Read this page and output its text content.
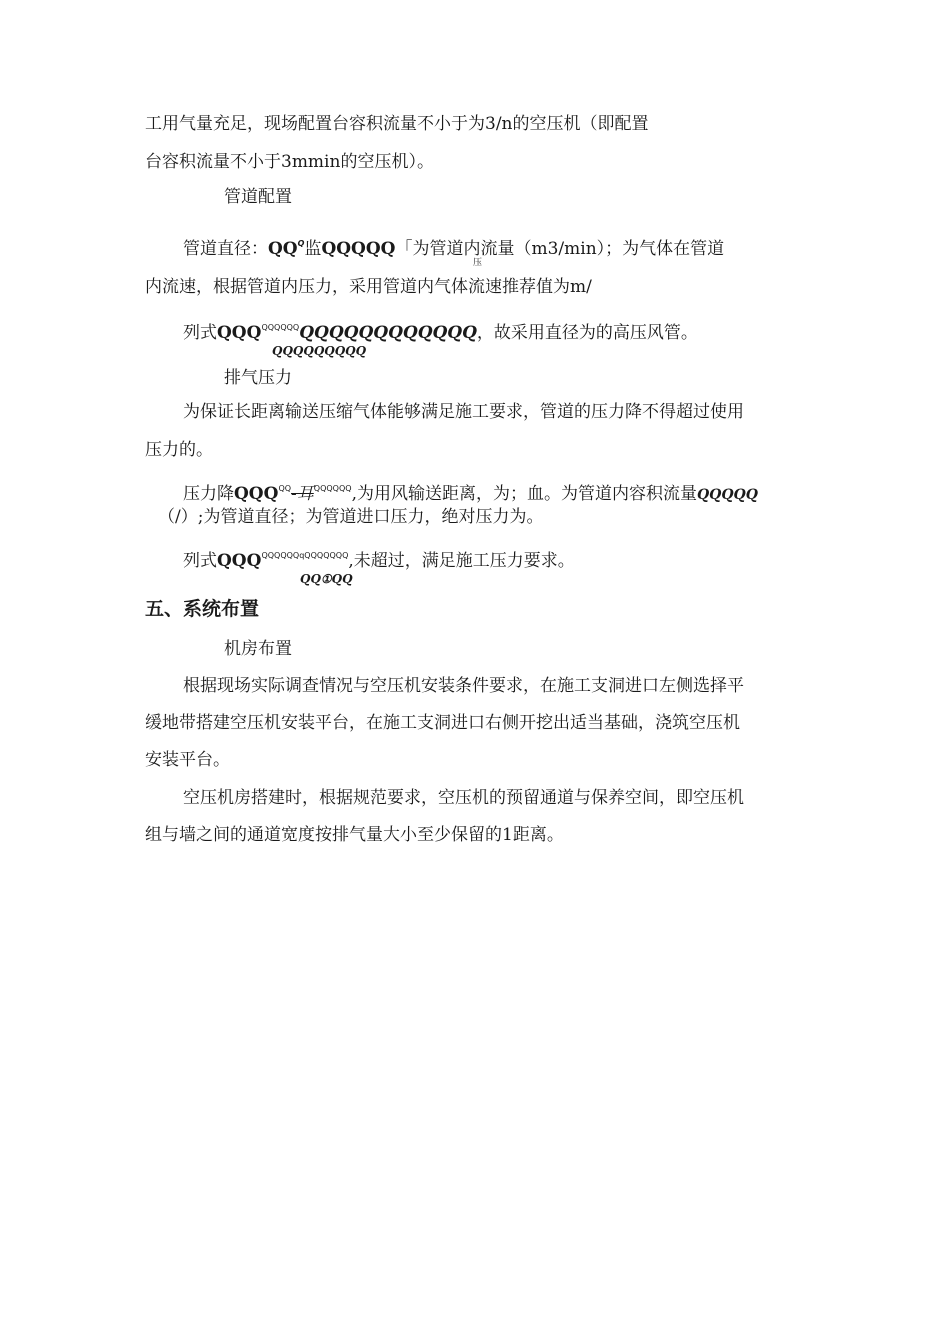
工用气量充足，现场配置台容积流量不小于为3/n的空压机（即配置
台容积流量不小于3mmin的空压机）。
管道配置
管道直径：$QQ^Q$监QQQQQ「为管道内流量（m3/min）；为气体在管道
压
内流速，根据管道内压力，采用管道内气体流速推荐值为m/
列式$QQQ^{QQQQQQ}QQQQQQQQQQQQ$，故采用直径为的高压风管。
QQQQQQQQQ
排气压力
为保证长距离输送压缩气体能够满足施工要求，管道的压力降不得超过使用
压力的。
压力降$QQQ^{QQ}-$耳$^{QQQQQQ}$,为用风输送距离，为；血。为管道内容积流量QQQQQ
（/）;为管道直径；为管道进口压力，绝对压力为。
列式$QQQ^{QQQQQQqQQQQQQQ}$,未超过，满足施工压力要求。
QQ①QQ
五、系统布置
机房布置
根据现场实际调查情况与空压机安装条件要求，在施工支洞进口左侧选择平
缓地带搭建空压机安装平台，在施工支洞进口右侧开挖出适当基础，浇筑空压机
安装平台。
空压机房搭建时，根据规范要求，空压机的预留通道与保养空间，即空压机
组与墙之间的通道宽度按排气量大小至少保留的1距离。
